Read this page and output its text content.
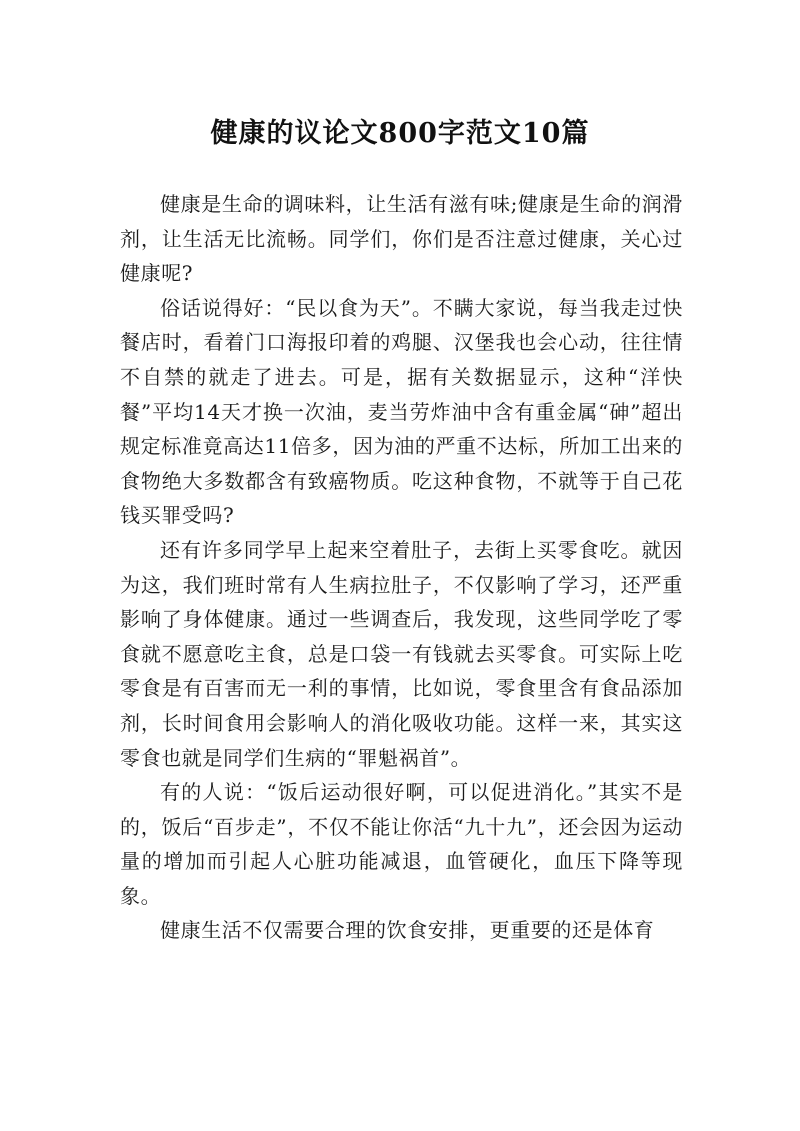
健康的议论文800字范文10篇

健康是生命的调味料，让生活有滋有味;健康是生命的润滑剂，让生活无比流畅。同学们，你们是否注意过健康，关心过健康呢?

俗话说得好：“民以食为天”。不瞒大家说，每当我走过快餐店时，看着门口海报印着的鸡腿、汉堡我也会心动，往往情不自禁的就走了进去。可是，据有关数据显示，这种“洋快餐”平均14天才换一次油，麦当劳炸油中含有重金属“砷”超出规定标准竟高达11倍多，因为油的严重不达标，所加工出来的食物绝大多数都含有致癌物质。吃这种食物，不就等于自己花钱买罪受吗?

还有许多同学早上起来空着肚子，去街上买零食吃。就因为这，我们班时常有人生病拉肚子，不仅影响了学习，还严重影响了身体健康。通过一些调查后，我发现，这些同学吃了零食就不愿意吃主食，总是口袋一有钱就去买零食。可实际上吃零食是有百害而无一利的事情，比如说，零食里含有食品添加剂，长时间食用会影响人的消化吸收功能。这样一来，其实这零食也就是同学们生病的“罪魁祸首”。

有的人说：“饭后运动很好啊，可以促进消化。”其实不是的，饭后“百步走”，不仅不能让你活“九十九”，还会因为运动量的增加而引起人心脏功能减退，血管硬化，血压下降等现象。

健康生活不仅需要合理的饮食安排，更重要的还是体育
